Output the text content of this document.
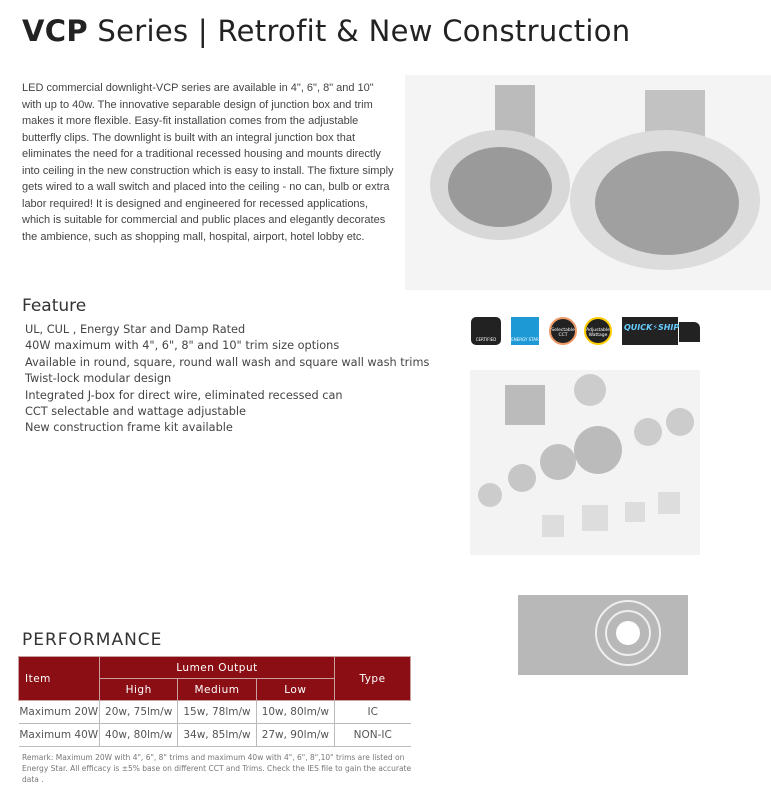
VCP Series | Retrofit & New Construction

LED commercial downlight-VCP series are available in 4", 6", 8" and 10" with up to 40w. The innovative separable design of junction box and trim makes it more flexible. Easy-fit installation comes from the adjustable butterfly clips. The downlight is built with an integral junction box that eliminates the need for a traditional recessed housing and mounts directly into ceiling in the new construction which is easy to install. The fixture simply gets wired to a wall switch and placed into the ceiling - no can, bulb or extra labor required! It is designed and engineered for recessed applications, which is suitable for commercial and public places and elegantly decorates the ambience, such as shopping mall, hospital, airport, hotel lobby etc.

Feature
UL, CUL , Energy Star and Damp Rated
40W maximum with 4", 6", 8" and 10" trim size options
Available in round, square, round wall wash and square wall wash trims
Twist-lock modular design
Integrated J-box for direct wire, eliminated recessed can
CCT selectable and wattage adjustable
New construction frame kit available
CERTIFIED	ENERGY STAR
Selectable CCT
Adjustable Wattage
QUICK⚡SHIP
PERFORMANCE
Item	Lumen Output			Type
	High	Medium	Low	
Maximum 20W	20w, 75lm/w	15w, 78lm/w	10w, 80lm/w	IC
Maximum 40W	40w, 80lm/w	34w, 85lm/w	27w, 90lm/w	NON-IC

Remark: Maximum 20W with 4", 6", 8" trims and maximum 40w with 4", 6", 8",10" trims are listed on Energy Star. All efficacy is ±5% base on different CCT and Trims. Check the IES file to gain the accurate data .
